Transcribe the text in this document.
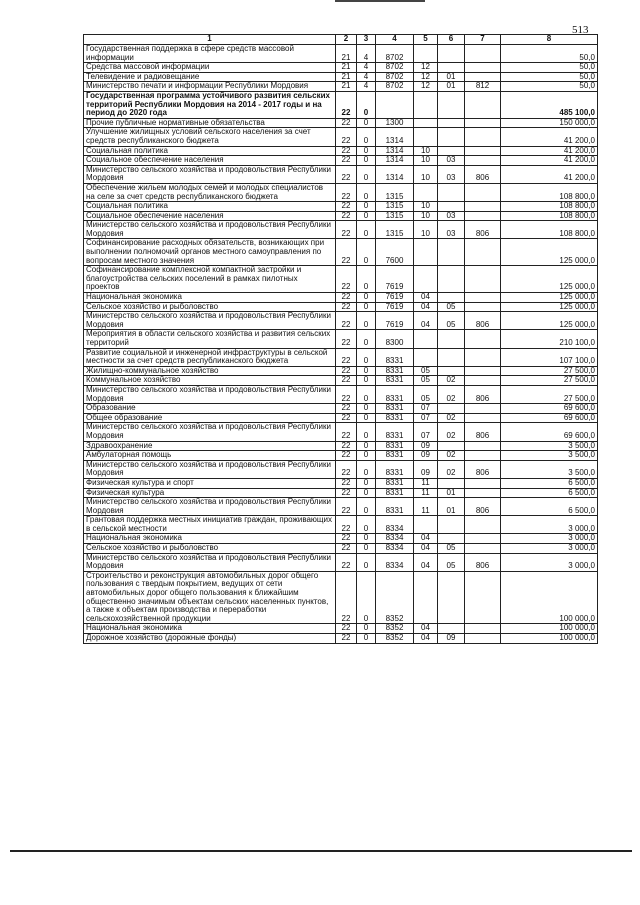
513
1	2	3	4	5	6	7	8
Государственная поддержка в сфере средств массовой информации	21	4	8702				50,0
Средства массовой информации	21	4	8702	12			50,0
Телевидение и радиовещание	21	4	8702	12	01		50,0
Министерство печати и информации Республики Мордовия	21	4	8702	12	01	812	50,0
Государственная программа устойчивого развития сельских территорий Республики Мордовия на 2014 - 2017 годы и на период до 2020 года	22	0					485 100,0
Прочие публичные нормативные обязательства	22	0	1300				150 000,0
Улучшение жилищных условий сельского населения за счет средств республиканского бюджета	22	0	1314				41 200,0
Социальная политика	22	0	1314	10			41 200,0
Социальное обеспечение населения	22	0	1314	10	03		41 200,0
Министерство сельского хозяйства и продовольствия Республики Мордовия	22	0	1314	10	03	806	41 200,0
Обеспечение жильем молодых семей и молодых специалистов на селе за счет средств республиканского бюджета	22	0	1315				108 800,0
Социальная политика	22	0	1315	10			108 800,0
Социальное обеспечение населения	22	0	1315	10	03		108 800,0
Министерство сельского хозяйства и продовольствия Республики Мордовия	22	0	1315	10	03	806	108 800,0
Софинансирование расходных обязательств, возникающих при выполнении полномочий органов местного самоуправления по вопросам местного значения	22	0	7600				125 000,0
Софинансирование комплексной компактной застройки и благоустройства сельских поселений в рамках пилотных проектов	22	0	7619				125 000,0
Национальная экономика	22	0	7619	04			125 000,0
Сельское хозяйство и рыболовство	22	0	7619	04	05		125 000,0
Министерство сельского хозяйства и продовольствия Республики Мордовия	22	0	7619	04	05	806	125 000,0
Мероприятия в области сельского хозяйства и развития сельских территорий	22	0	8300				210 100,0
Развитие социальной и инженерной инфраструктуры в сельской местности за счет средств республиканского бюджета	22	0	8331				107 100,0
Жилищно-коммунальное хозяйство	22	0	8331	05			27 500,0
Коммунальное хозяйство	22	0	8331	05	02		27 500,0
Министерство сельского хозяйства и продовольствия Республики Мордовия	22	0	8331	05	02	806	27 500,0
Образование	22	0	8331	07			69 600,0
Общее образование	22	0	8331	07	02		69 600,0
Министерство сельского хозяйства и продовольствия Республики Мордовия	22	0	8331	07	02	806	69 600,0
Здравоохранение	22	0	8331	09			3 500,0
Амбулаторная помощь	22	0	8331	09	02		3 500,0
Министерство сельского хозяйства и продовольствия Республики Мордовия	22	0	8331	09	02	806	3 500,0
Физическая культура и спорт	22	0	8331	11			6 500,0
Физическая культура	22	0	8331	11	01		6 500,0
Министерство сельского хозяйства и продовольствия Республики Мордовия	22	0	8331	11	01	806	6 500,0
Грантовая поддержка местных инициатив граждан, проживающих в сельской местности	22	0	8334				3 000,0
Национальная экономика	22	0	8334	04			3 000,0
Сельское хозяйство и рыболовство	22	0	8334	04	05		3 000,0
Министерство сельского хозяйства и продовольствия Республики Мордовия	22	0	8334	04	05	806	3 000,0
Строительство и реконструкция автомобильных дорог общего пользования с твердым покрытием, ведущих от сети автомобильных дорог общего пользования к ближайшим общественно значимым объектам сельских населенных пунктов, а также к объектам производства и переработки сельскохозяйственной продукции	22	0	8352				100 000,0
Национальная экономика	22	0	8352	04			100 000,0
Дорожное хозяйство (дорожные фонды)	22	0	8352	04	09		100 000,0
